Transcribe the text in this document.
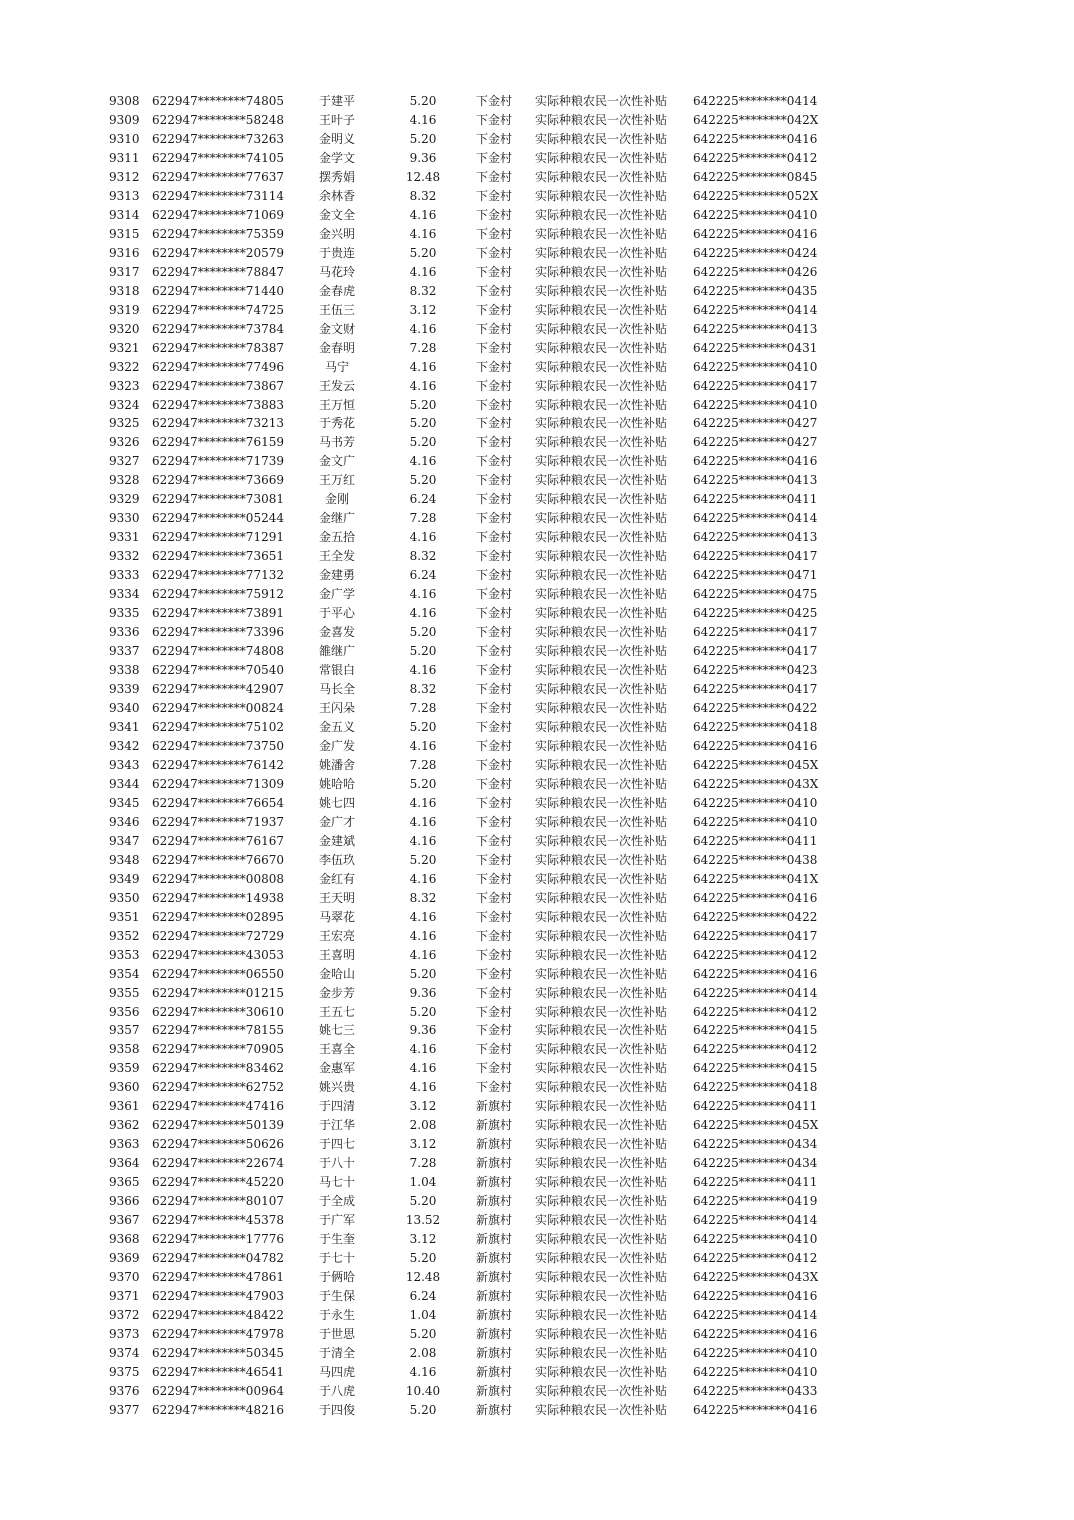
9308 622947********74805	于建平	5.20	下金村 实际种粮农民一次性补贴 642225********0414
9309 622947********58248	王叶子	4.16	下金村 实际种粮农民一次性补贴 642225********042X
9310 622947********73263	金明义	5.20	下金村 实际种粮农民一次性补贴 642225********0416
9311 622947********74105	金学文	9.36	下金村 实际种粮农民一次性补贴 642225********0412
9312 622947********77637	摆秀娟	12.48	下金村 实际种粮农民一次性补贴 642225********0845
9313 622947********73114	余林香	8.32	下金村 实际种粮农民一次性补贴 642225********052X
9314 622947********71069	金文全	4.16	下金村 实际种粮农民一次性补贴 642225********0410
9315 622947********75359	金兴明	4.16	下金村 实际种粮农民一次性补贴 642225********0416
9316 622947********20579	于贵连	5.20	下金村 实际种粮农民一次性补贴 642225********0424
9317 622947********78847	马花玲	4.16	下金村 实际种粮农民一次性补贴 642225********0426
9318 622947********71440	金春虎	8.32	下金村 实际种粮农民一次性补贴 642225********0435
9319 622947********74725	王伍三	3.12	下金村 实际种粮农民一次性补贴 642225********0414
9320 622947********73784	金文财	4.16	下金村 实际种粮农民一次性补贴 642225********0413
9321 622947********78387	金春明	7.28	下金村 实际种粮农民一次性补贴 642225********0431
9322 622947********77496	马宁	4.16	下金村 实际种粮农民一次性补贴 642225********0410
9323 622947********73867	王发云	4.16	下金村 实际种粮农民一次性补贴 642225********0417
9324 622947********73883	王万恒	5.20	下金村 实际种粮农民一次性补贴 642225********0410
9325 622947********73213	于秀花	5.20	下金村 实际种粮农民一次性补贴 642225********0427
9326 622947********76159	马书芳	5.20	下金村 实际种粮农民一次性补贴 642225********0427
9327 622947********71739	金文广	4.16	下金村 实际种粮农民一次性补贴 642225********0416
9328 622947********73669	王万红	5.20	下金村 实际种粮农民一次性补贴 642225********0413
9329 622947********73081	金刚	6.24	下金村 实际种粮农民一次性补贴 642225********0411
9330 622947********05244	金继广	7.28	下金村 实际种粮农民一次性补贴 642225********0414
9331 622947********71291	金五拾	4.16	下金村 实际种粮农民一次性补贴 642225********0413
9332 622947********73651	王全发	8.32	下金村 实际种粮农民一次性补贴 642225********0417
9333 622947********77132	金建勇	6.24	下金村 实际种粮农民一次性补贴 642225********0471
9334 622947********75912	金广学	4.16	下金村 实际种粮农民一次性补贴 642225********0475
9335 622947********73891	于平心	4.16	下金村 实际种粮农民一次性补贴 642225********0425
9336 622947********73396	金喜发	5.20	下金村 实际种粮农民一次性补贴 642225********0417
9337 622947********74808	雒继广	5.20	下金村 实际种粮农民一次性补贴 642225********0417
9338 622947********70540	常银白	4.16	下金村 实际种粮农民一次性补贴 642225********0423
9339 622947********42907	马长全	8.32	下金村 实际种粮农民一次性补贴 642225********0417
9340 622947********00824	王闪朵	7.28	下金村 实际种粮农民一次性补贴 642225********0422
9341 622947********75102	金五义	5.20	下金村 实际种粮农民一次性补贴 642225********0418
9342 622947********73750	金广发	4.16	下金村 实际种粮农民一次性补贴 642225********0416
9343 622947********76142	姚潘舍	7.28	下金村 实际种粮农民一次性补贴 642225********045X
9344 622947********71309	姚哈哈	5.20	下金村 实际种粮农民一次性补贴 642225********043X
9345 622947********76654	姚七四	4.16	下金村 实际种粮农民一次性补贴 642225********0410
9346 622947********71937	金广才	4.16	下金村 实际种粮农民一次性补贴 642225********0410
9347 622947********76167	金建斌	4.16	下金村 实际种粮农民一次性补贴 642225********0411
9348 622947********76670	李伍玖	5.20	下金村 实际种粮农民一次性补贴 642225********0438
9349 622947********00808	金红有	4.16	下金村 实际种粮农民一次性补贴 642225********041X
9350 622947********14938	王天明	8.32	下金村 实际种粮农民一次性补贴 642225********0416
9351 622947********02895	马翠花	4.16	下金村 实际种粮农民一次性补贴 642225********0422
9352 622947********72729	王宏亮	4.16	下金村 实际种粮农民一次性补贴 642225********0417
9353 622947********43053	王喜明	4.16	下金村 实际种粮农民一次性补贴 642225********0412
9354 622947********06550	金哈山	5.20	下金村 实际种粮农民一次性补贴 642225********0416
9355 622947********01215	金步芳	9.36	下金村 实际种粮农民一次性补贴 642225********0414
9356 622947********30610	王五七	5.20	下金村 实际种粮农民一次性补贴 642225********0412
9357 622947********78155	姚七三	9.36	下金村 实际种粮农民一次性补贴 642225********0415
9358 622947********70905	王喜全	4.16	下金村 实际种粮农民一次性补贴 642225********0412
9359 622947********83462	金惠军	4.16	下金村 实际种粮农民一次性补贴 642225********0415
9360 622947********62752	姚兴贵	4.16	下金村 实际种粮农民一次性补贴 642225********0418
9361 622947********47416	于四清	3.12	新旗村 实际种粮农民一次性补贴 642225********0411
9362 622947********50139	于江华	2.08	新旗村 实际种粮农民一次性补贴 642225********045X
9363 622947********50626	于四七	3.12	新旗村 实际种粮农民一次性补贴 642225********0434
9364 622947********22674	于八十	7.28	新旗村 实际种粮农民一次性补贴 642225********0434
9365 622947********45220	马七十	1.04	新旗村 实际种粮农民一次性补贴 642225********0411
9366 622947********80107	于全成	5.20	新旗村 实际种粮农民一次性补贴 642225********0419
9367 622947********45378	于广军	13.52	新旗村 实际种粮农民一次性补贴 642225********0414
9368 622947********17776	于生奎	3.12	新旗村 实际种粮农民一次性补贴 642225********0410
9369 622947********04782	于七十	5.20	新旗村 实际种粮农民一次性补贴 642225********0412
9370 622947********47861	于俩哈	12.48	新旗村 实际种粮农民一次性补贴 642225********043X
9371 622947********47903	于生保	6.24	新旗村 实际种粮农民一次性补贴 642225********0416
9372 622947********48422	于永生	1.04	新旗村 实际种粮农民一次性补贴 642225********0414
9373 622947********47978	于世思	5.20	新旗村 实际种粮农民一次性补贴 642225********0416
9374 622947********50345	于清全	2.08	新旗村 实际种粮农民一次性补贴 642225********0410
9375 622947********46541	马四虎	4.16	新旗村 实际种粮农民一次性补贴 642225********0410
9376 622947********00964	于八虎	10.40	新旗村 实际种粮农民一次性补贴 642225********0433
9377 622947********48216	于四俊	5.20	新旗村 实际种粮农民一次性补贴 642225********0416
